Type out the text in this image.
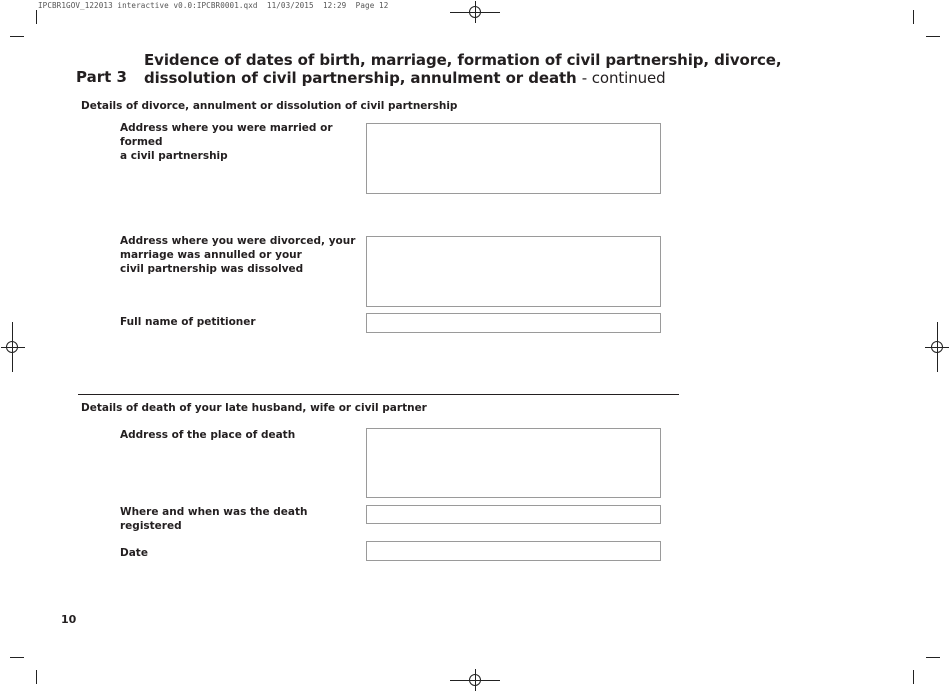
IPCBR1GOV_122013 interactive v0.0:IPCBR0001.qxd  11/03/2015  12:29  Page 12
Part 3
Evidence of dates of birth, marriage, formation of civil partnership, divorce,
dissolution of civil partnership, annulment or death - continued
Details of divorce, annulment or dissolution of civil partnership
Address where you were married or formed
a civil partnership
Address where you were divorced, your
marriage was annulled or your
civil partnership was dissolved
Full name of petitioner
Details of death of your late husband, wife or civil partner
Address of the place of death
Where and when was the death registered
Date
10
